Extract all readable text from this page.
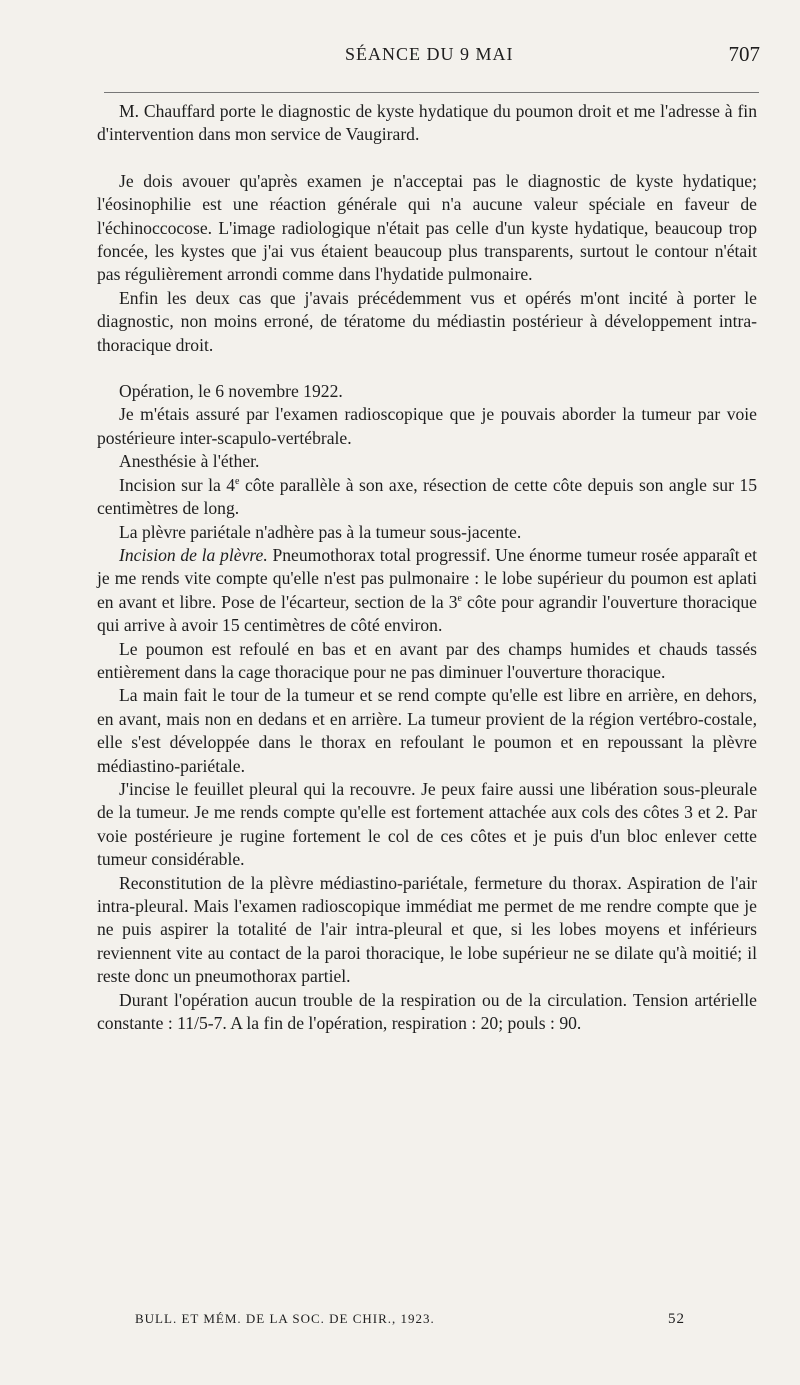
SÉANCE DU 9 MAI	707

M. Chauffard porte le diagnostic de kyste hydatique du poumon droit et me l'adresse à fin d'intervention dans mon service de Vaugirard.

Je dois avouer qu'après examen je n'acceptai pas le diagnostic de kyste hydatique; l'éosinophilie est une réaction générale qui n'a aucune valeur spéciale en faveur de l'échinoccocose. L'image radiologique n'était pas celle d'un kyste hydatique, beaucoup trop foncée, les kystes que j'ai vus étaient beaucoup plus transparents, surtout le contour n'était pas régulièrement arrondi comme dans l'hydatide pulmonaire.

Enfin les deux cas que j'avais précédemment vus et opérés m'ont incité à porter le diagnostic, non moins erroné, de tératome du médiastin postérieur à développement intra-thoracique droit.

Opération, le 6 novembre 1922.

Je m'étais assuré par l'examen radioscopique que je pouvais aborder la tumeur par voie postérieure inter-scapulo-vertébrale.

Anesthésie à l'éther.

Incision sur la 4e côte parallèle à son axe, résection de cette côte depuis son angle sur 15 centimètres de long.

La plèvre pariétale n'adhère pas à la tumeur sous-jacente.

Incision de la plèvre. Pneumothorax total progressif. Une énorme tumeur rosée apparaît et je me rends vite compte qu'elle n'est pas pulmonaire : le lobe supérieur du poumon est aplati en avant et libre. Pose de l'écarteur, section de la 3e côte pour agrandir l'ouverture thoracique qui arrive à avoir 15 centimètres de côté environ.

Le poumon est refoulé en bas et en avant par des champs humides et chauds tassés entièrement dans la cage thoracique pour ne pas diminuer l'ouverture thoracique.

La main fait le tour de la tumeur et se rend compte qu'elle est libre en arrière, en dehors, en avant, mais non en dedans et en arrière. La tumeur provient de la région vertébro-costale, elle s'est développée dans le thorax en refoulant le poumon et en repoussant la plèvre médiastino-pariétale.

J'incise le feuillet pleural qui la recouvre. Je peux faire aussi une libération sous-pleurale de la tumeur. Je me rends compte qu'elle est fortement attachée aux cols des côtes 3 et 2. Par voie postérieure je rugine fortement le col de ces côtes et je puis d'un bloc enlever cette tumeur considérable.

Reconstitution de la plèvre médiastino-pariétale, fermeture du thorax. Aspiration de l'air intra-pleural. Mais l'examen radioscopique immédiat me permet de me rendre compte que je ne puis aspirer la totalité de l'air intra-pleural et que, si les lobes moyens et inférieurs reviennent vite au contact de la paroi thoracique, le lobe supérieur ne se dilate qu'à moitié; il reste donc un pneumothorax partiel.

Durant l'opération aucun trouble de la respiration ou de la circulation. Tension artérielle constante : 11/5-7. A la fin de l'opération, respiration : 20; pouls : 90.

BULL. ET MÉM. DE LA SOC. DE CHIR., 1923.	52
